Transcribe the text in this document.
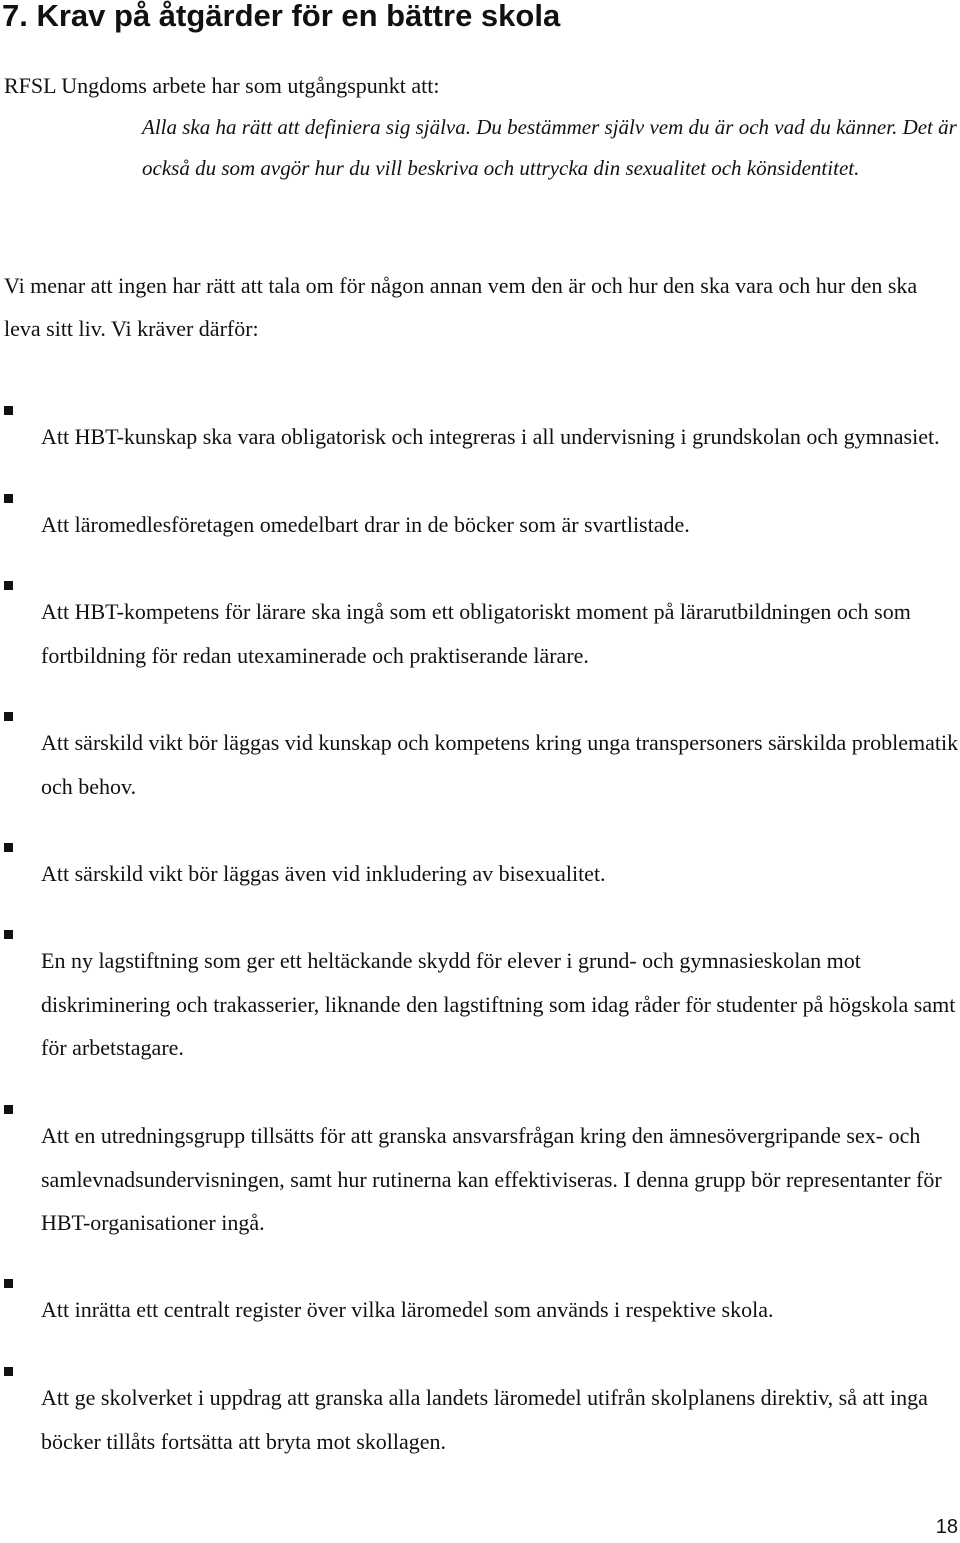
7. Krav på åtgärder för en bättre skola

RFSL Ungdoms arbete har som utgångspunkt att:

Alla ska ha rätt att definiera sig själva. Du bestämmer själv vem du är och vad du känner. Det är också du som avgör hur du vill beskriva och uttrycka din sexualitet och könsidentitet.

Vi menar att ingen har rätt att tala om för någon annan vem den är och hur den ska vara och hur den ska leva sitt liv. Vi kräver därför:

Att HBT-kunskap ska vara obligatorisk och integreras i all undervisning i grundskolan och gymnasiet.

Att läromedlesföretagen omedelbart drar in de böcker som är svartlistade.

Att HBT-kompetens för lärare ska ingå som ett obligatoriskt moment på lärarutbildningen och som fortbildning för redan utexaminerade och praktiserande lärare.

Att särskild vikt bör läggas vid kunskap och kompetens kring unga transpersoners särskilda problematik och behov.

Att särskild vikt bör läggas även vid inkludering av bisexualitet.

En ny lagstiftning som ger ett heltäckande skydd för elever i grund- och gymnasieskolan mot diskriminering och trakasserier, liknande den lagstiftning som idag råder för studenter på högskola samt för arbetstagare.

Att en utredningsgrupp tillsätts för att granska ansvarsfrågan kring den ämnesövergripande sex- och samlevnadsundervisningen, samt hur rutinerna kan effektiviseras. I denna grupp bör representanter för HBT-organisationer ingå.

Att inrätta ett centralt register över vilka läromedel som används i respektive skola.

Att ge skolverket i uppdrag att granska alla landets läromedel utifrån skolplanens direktiv, så att inga böcker tillåts fortsätta att bryta mot skollagen.

18
